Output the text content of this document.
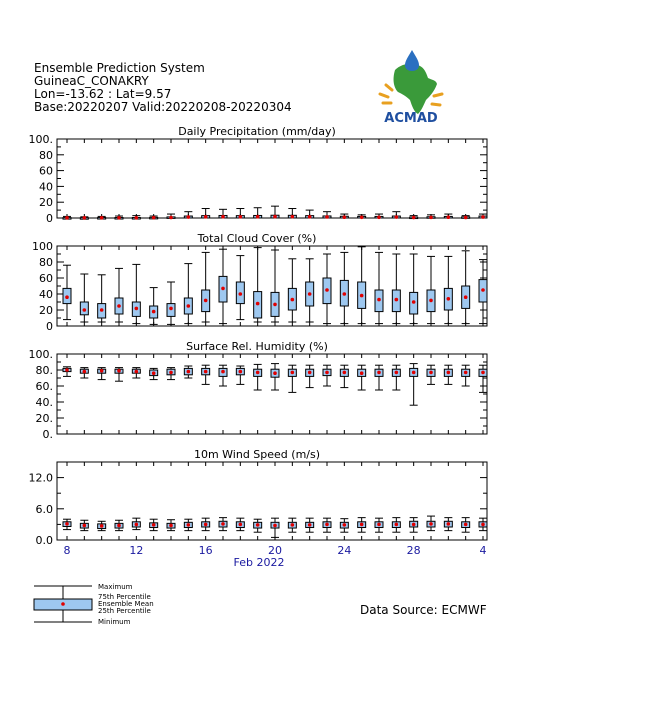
Ensemble Prediction System
GuineaC_CONAKRY
Lon=-13.62 : Lat=9.57
Base:20220207 Valid:20220208-20220304
ACMAD
Daily Precipitation (mm/day)
0
20
40
60
80
100.
Total Cloud Cover (%)
0
20
40
60
80
100
Surface Rel. Humidity (%)
0.
20.
40.
60.
80.
100.
10m Wind Speed (m/s)
0.0
6.0
12.0
8	12	16	20	24	28	4
Feb 2022
Maximum
75th Percentile
Ensemble Mean
25th Percentile
Minimum
Data Source: ECMWF
